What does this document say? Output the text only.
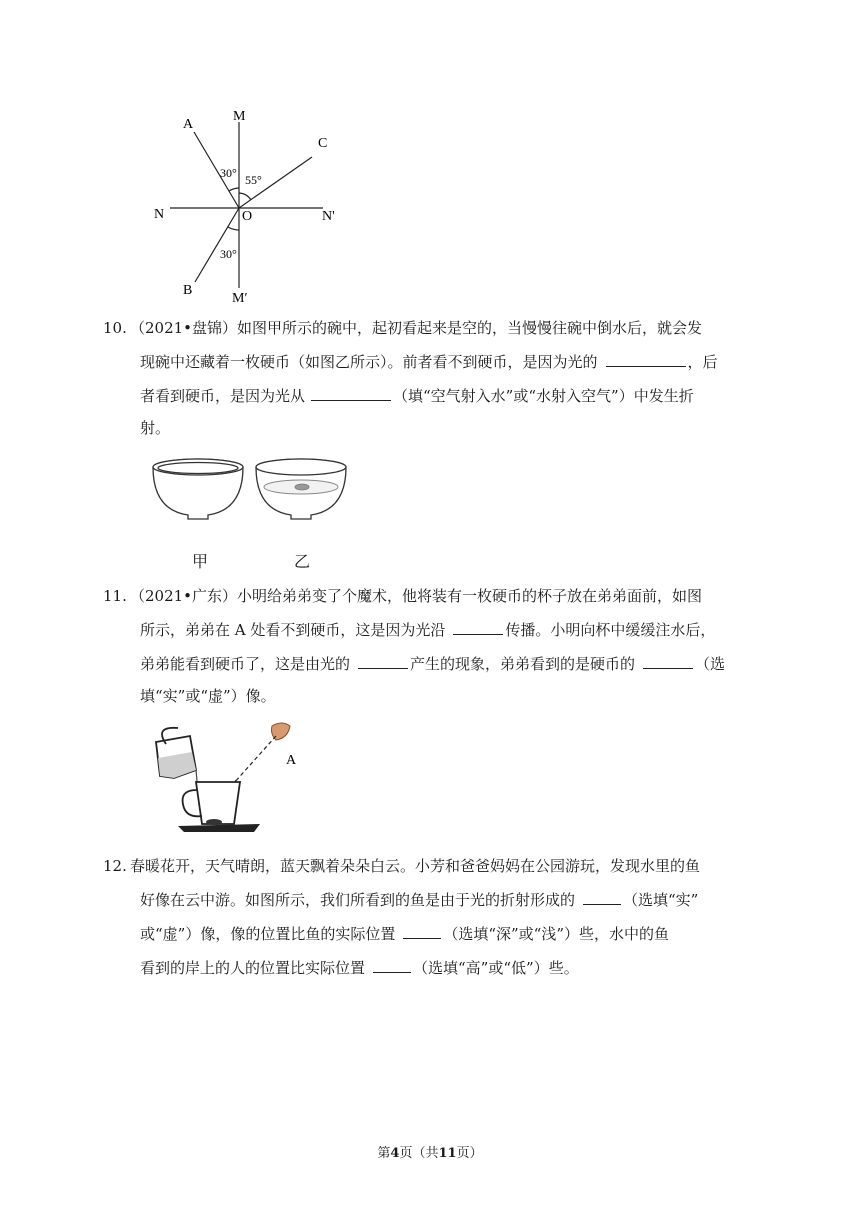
A
M
C
N	O	N'
B
M′
30° 55°
30°
10. （2021•盘锦）如图甲所示的碗中，起初看起来是空的，当慢慢往碗中倒水后，就会发
现碗中还藏着一枚硬币（如图乙所示）。前者看不到硬币，是因为光的	，后
者看到硬币，是因为光从	（填“空气射入水”或“水射入空气”）中发生折
射。
甲	乙
11. （2021•广东）小明给弟弟变了个魔术，他将装有一枚硬币的杯子放在弟弟面前，如图
所示，弟弟在 A 处看不到硬币，这是因为光沿	传播。小明向杯中缓缓注水后，
弟弟能看到硬币了，这是由光的	产生的现象，弟弟看到的是硬币的	（选
填“实”或“虚”）像。
A
12. 春暖花开，天气晴朗，蓝天飘着朵朵白云。小芳和爸爸妈妈在公园游玩，发现水里的鱼
好像在云中游。如图所示，我们所看到的鱼是由于光的折射形成的	（选填“实”
或“虚”）像，像的位置比鱼的实际位置	（选填“深”或“浅”）些，水中的鱼
看到的岸上的人的位置比实际位置	（选填“高”或“低”）些。
第4页（共11页）
